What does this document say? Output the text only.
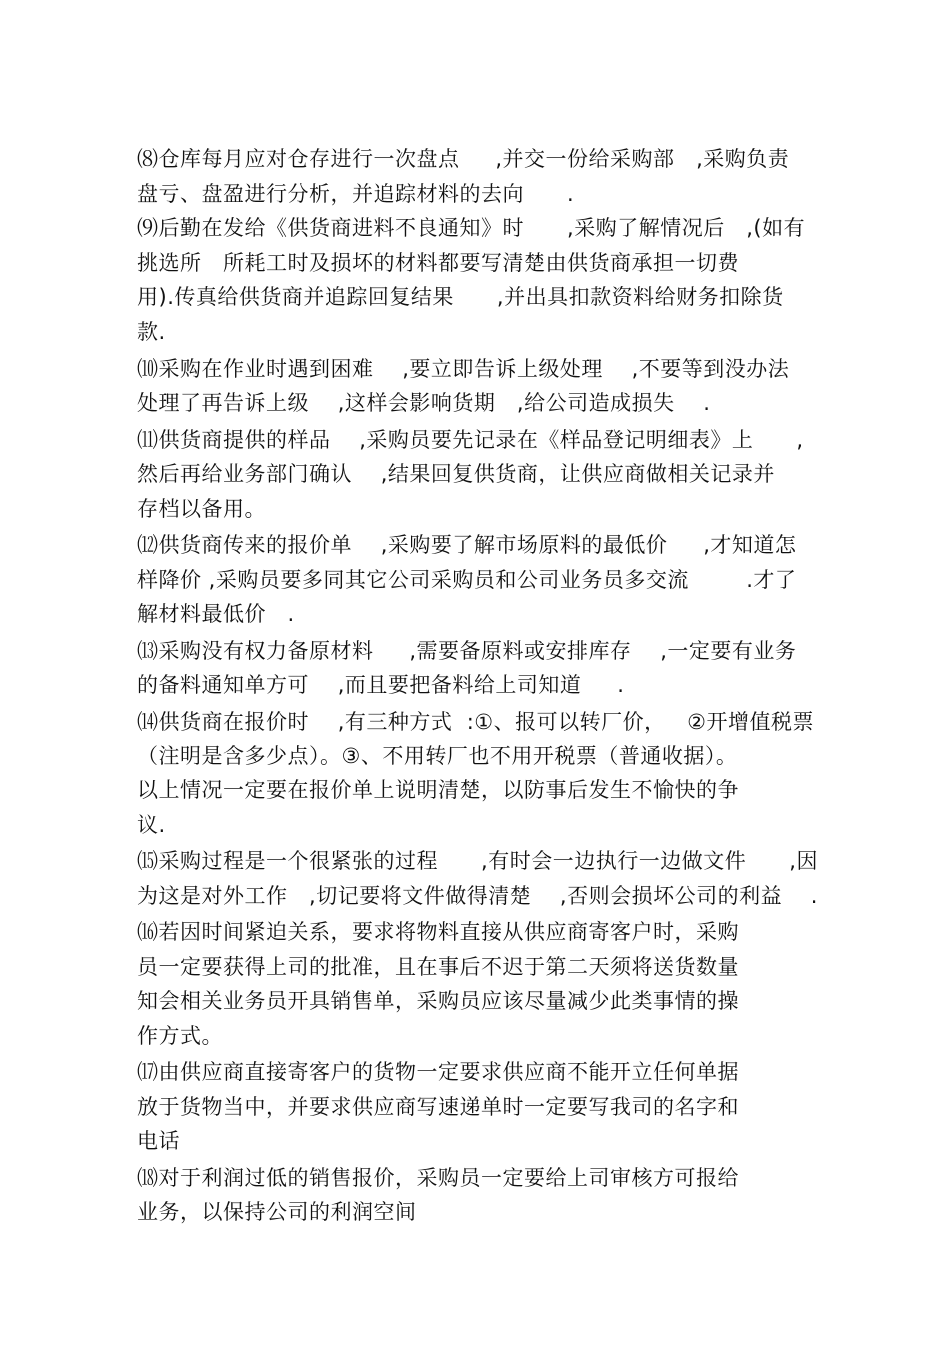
⑻仓库每月应对仓存进行一次盘点     ,并交一份给采购部   ,采购负责

盘亏、盘盈进行分析，并追踪材料的去向      .

⑼后勤在发给《供货商进料不良通知》时      ,采购了解情况后   ,(如有

挑选所   所耗工时及损坏的材料都要写清楚由供货商承担一切费

用).传真给供货商并追踪回复结果      ,并出具扣款资料给财务扣除货

款.

⑽采购在作业时遇到困难    ,要立即告诉上级处理    ,不要等到没办法

处理了再告诉上级    ,这样会影响货期   ,给公司造成损失    .

⑾供货商提供的样品    ,采购员要先记录在《样品登记明细表》上      ,

然后再给业务部门确认    ,结果回复供货商，让供应商做相关记录并

存档以备用。

⑿供货商传来的报价单    ,采购要了解市场原料的最低价     ,才知道怎

样降价 ,采购员要多同其它公司采购员和公司业务员多交流        .才了

解材料最低价   .

⒀采购没有权力备原材料     ,需要备原料或安排库存    ,一定要有业务

的备料通知单方可    ,而且要把备料给上司知道     .

⒁供货商在报价时    ,有三种方式  :①、报可以转厂价，   ②开增值税票

（注明是含多少点）。③、不用转厂也不用开税票（普通收据）。

以上情况一定要在报价单上说明清楚，以防事后发生不愉快的争

议.

⒂采购过程是一个很紧张的过程      ,有时会一边执行一边做文件      ,因

为这是对外工作   ,切记要将文件做得清楚    ,否则会损坏公司的利益    .

⒃若因时间紧迫关系，要求将物料直接从供应商寄客户时，采购

员一定要获得上司的批准，且在事后不迟于第二天须将送货数量

知会相关业务员开具销售单，采购员应该尽量减少此类事情的操

作方式。

⒄由供应商直接寄客户的货物一定要求供应商不能开立任何单据

放于货物当中，并要求供应商写速递单时一定要写我司的名字和

电话

⒅对于利润过低的销售报价，采购员一定要给上司审核方可报给

业务，以保持公司的利润空间
